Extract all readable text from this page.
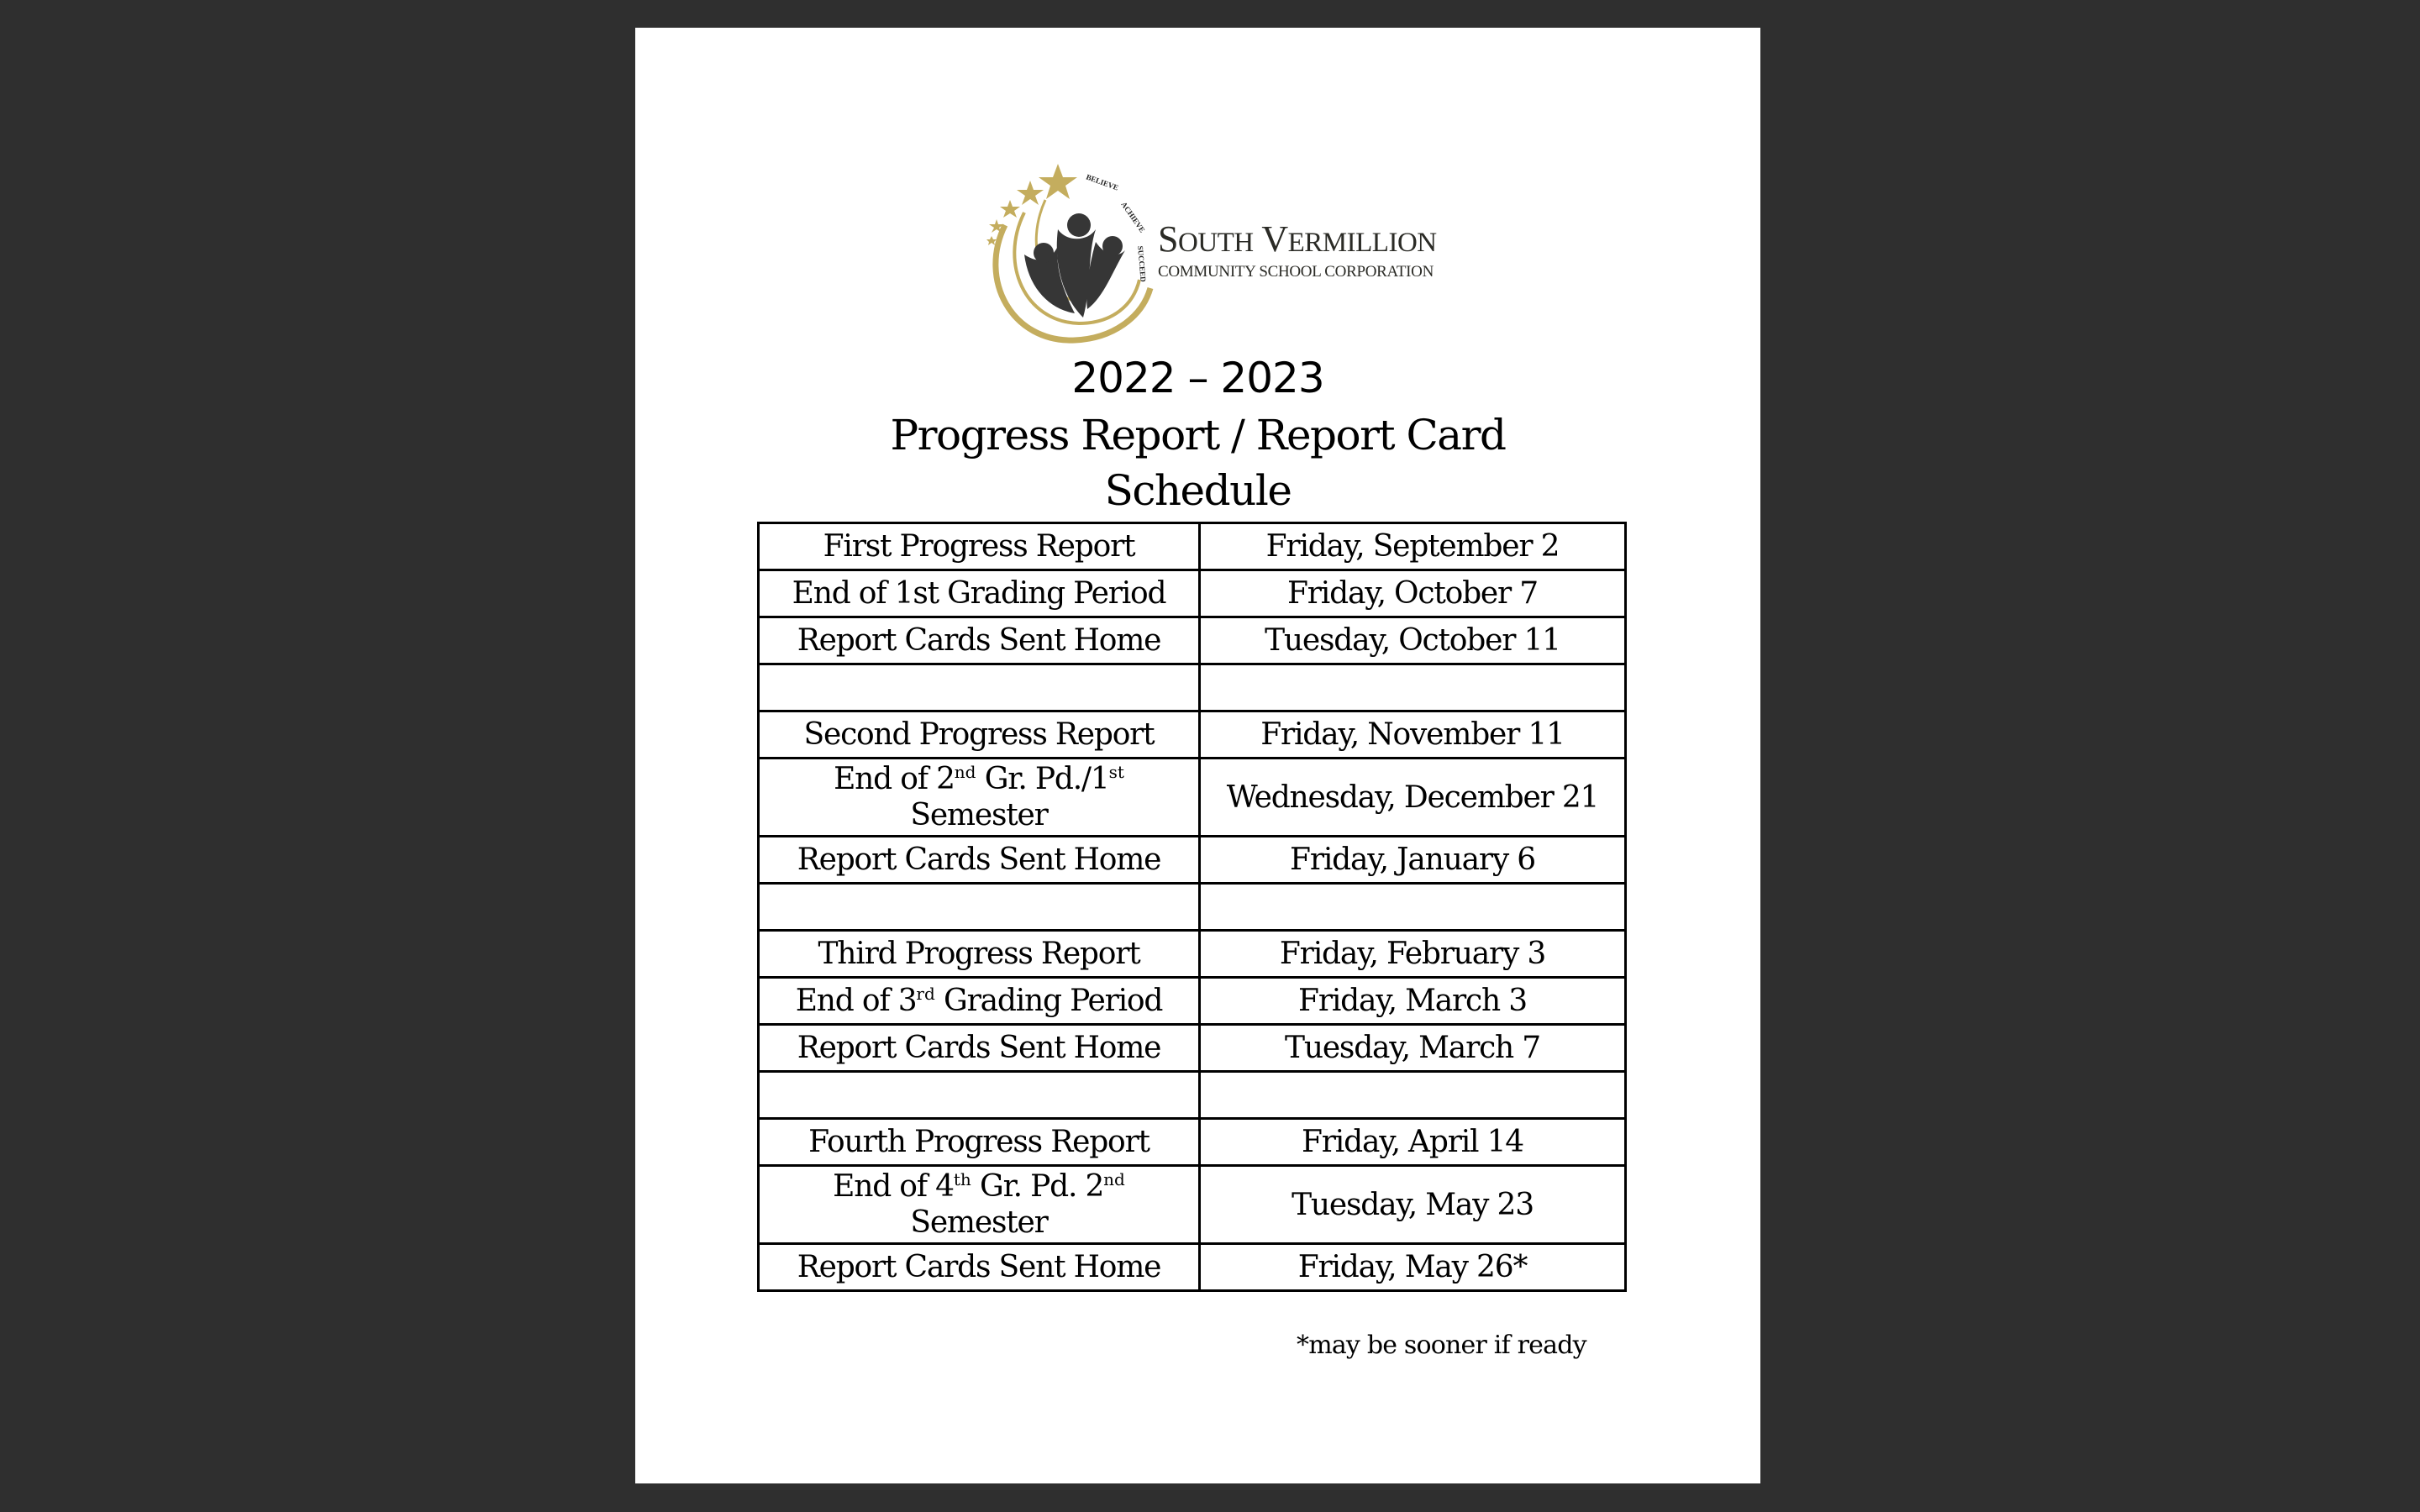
BELIEVE
ACHIEVE
SUCCEED
SOUTH VERMILLION
COMMUNITY SCHOOL CORPORATION
2022 – 2023
Progress Report / Report Card
Schedule
First Progress Report	Friday, September 2
End of 1st Grading Period	Friday, October 7
Report Cards Sent Home	Tuesday, October 11

Second Progress Report	Friday, November 11
End of 2nd Gr. Pd./1st
Semester	Wednesday, December 21
Report Cards Sent Home	Friday, January 6

Third Progress Report	Friday, February 3
End of 3rd Grading Period	Friday, March 3
Report Cards Sent Home	Tuesday, March 7

Fourth Progress Report	Friday, April 14
End of 4th Gr. Pd. 2nd
Semester	Tuesday, May 23
Report Cards Sent Home	Friday, May 26*
*may be sooner if ready
